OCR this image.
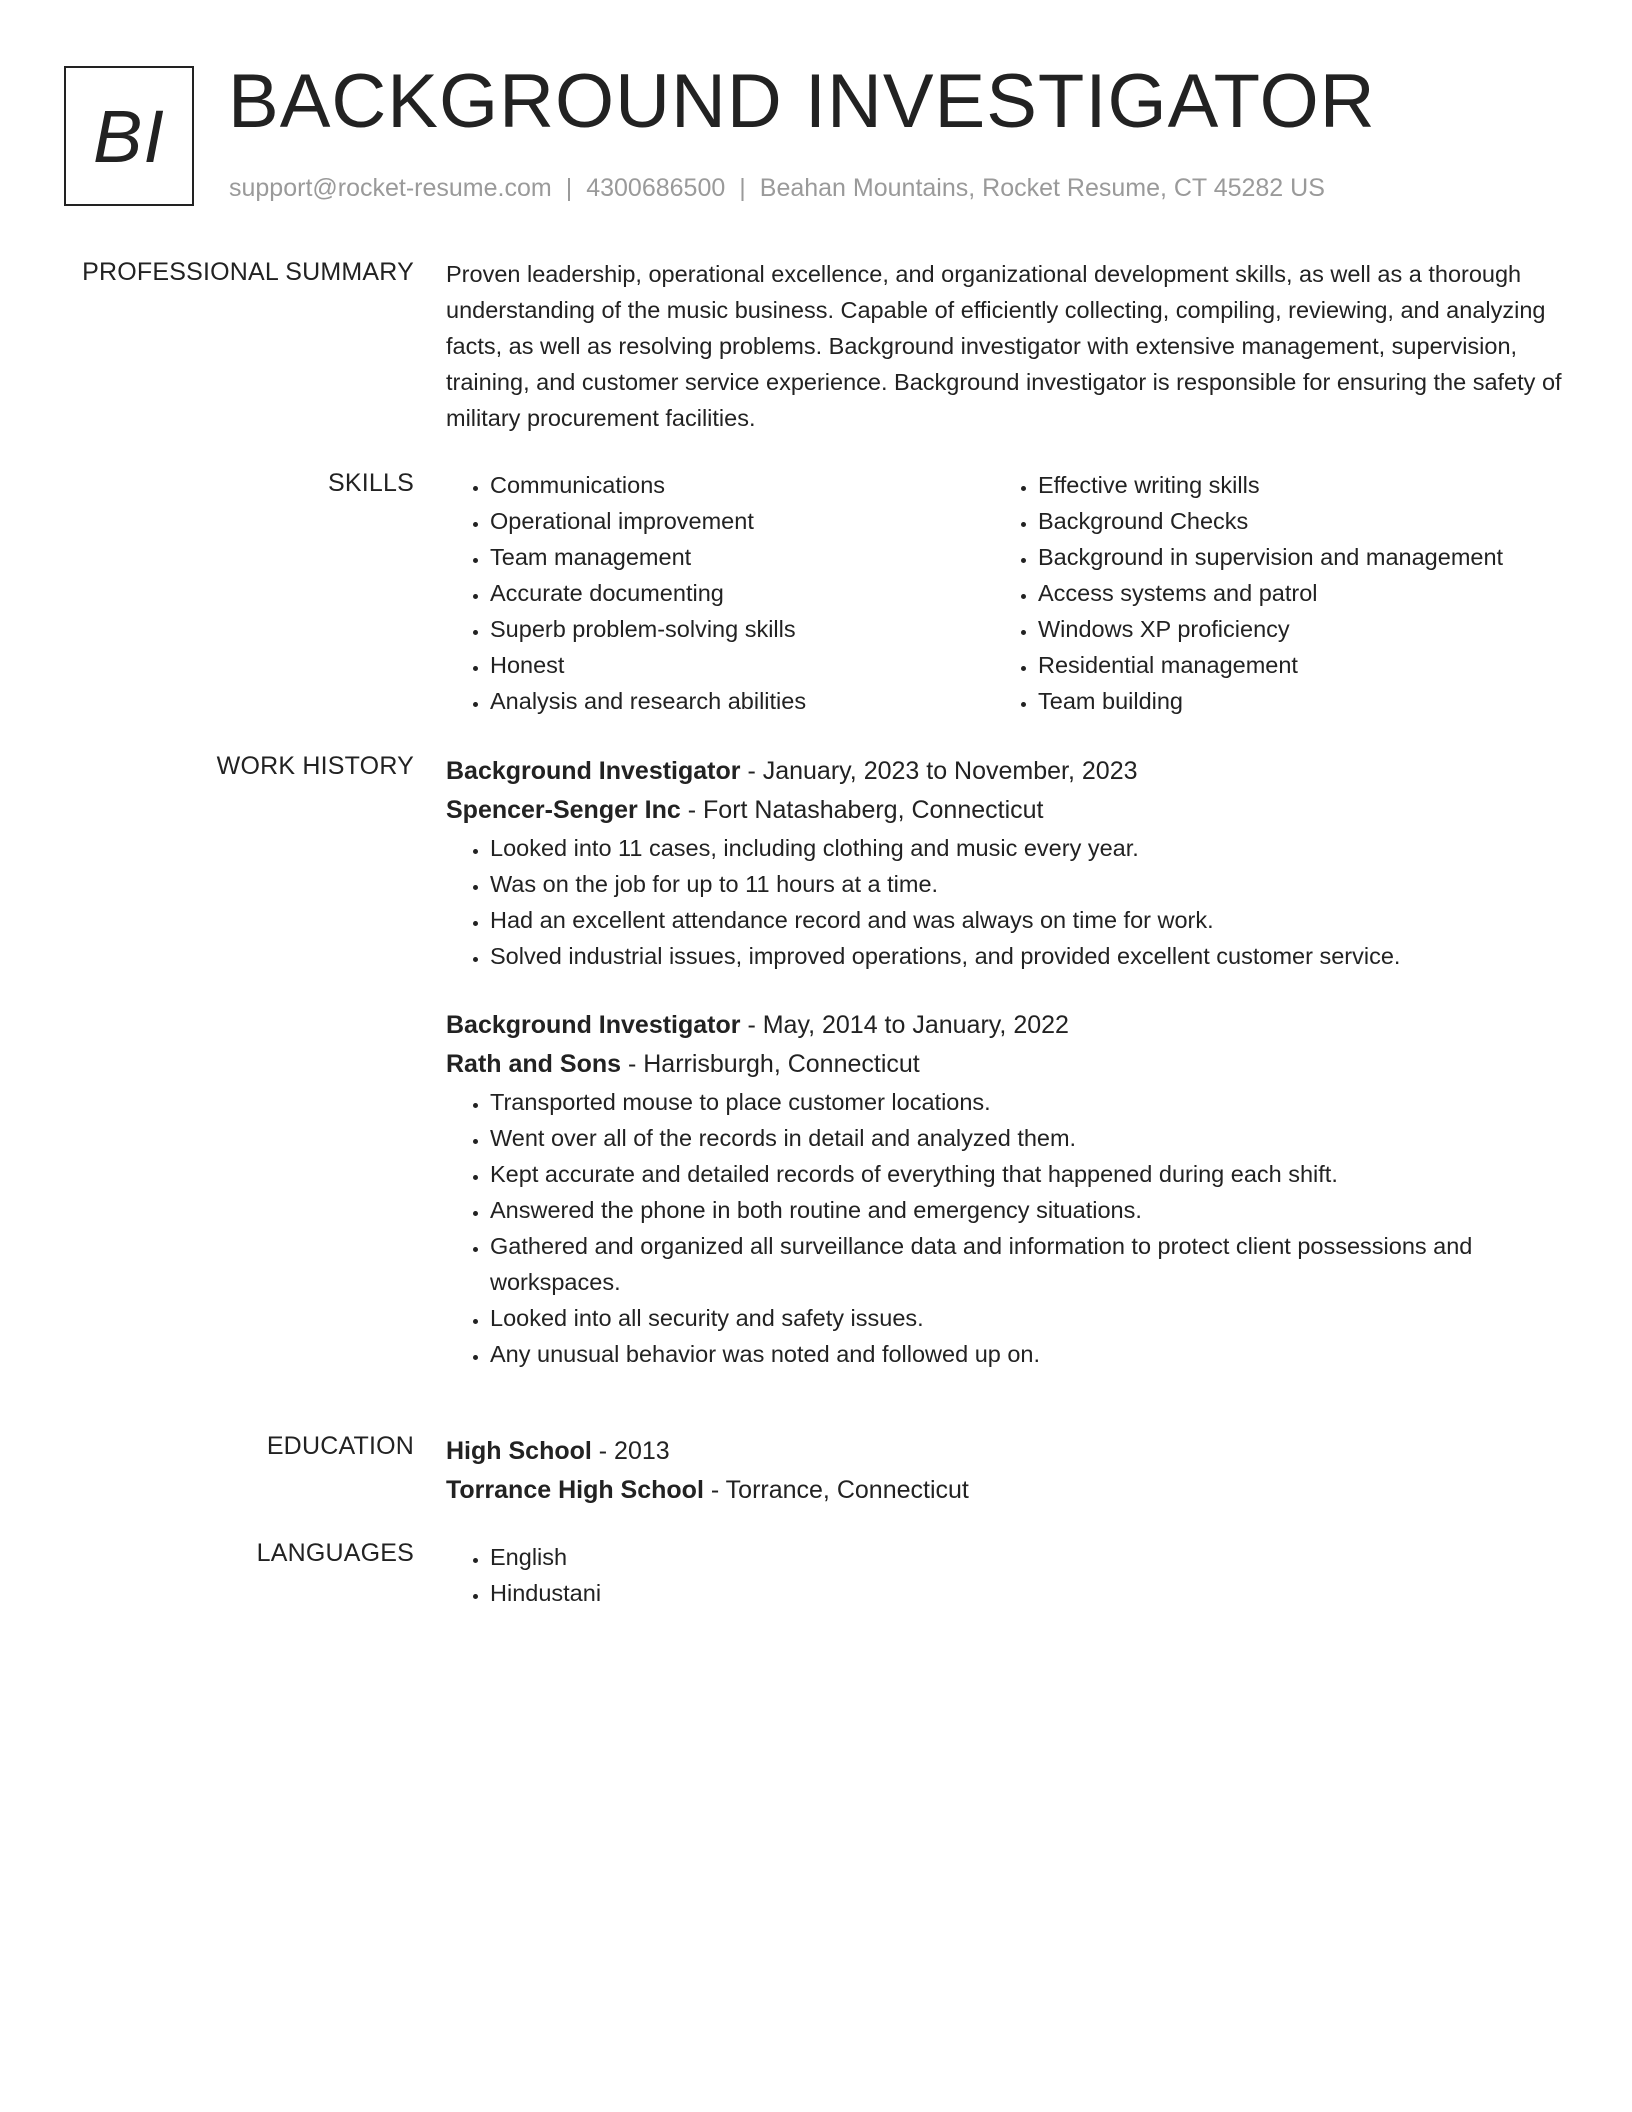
BI BACKGROUND INVESTIGATOR
support@rocket-resume.com | 4300686500 | Beahan Mountains, Rocket Resume, CT 45282 US
PROFESSIONAL SUMMARY Proven leadership, operational excellence, and organizational development skills, as well as a thorough understanding of the music business. Capable of efficiently collecting, compiling, reviewing, and analyzing facts, as well as resolving problems. Background investigator with extensive management, supervision, training, and customer service experience. Background investigator is responsible for ensuring the safety of military procurement facilities.
SKILLS	• Communications
• Operational improvement
• Team management
• Accurate documenting
• Superb problem-solving skills
• Honest
• Analysis and research abilities
• Effective writing skills
• Background Checks
• Background in supervision and management
• Access systems and patrol
• Windows XP proficiency
• Residential management
• Team building
WORK HISTORY Background Investigator - January, 2023 to November, 2023
Spencer-Senger Inc - Fort Natashaberg, Connecticut
• Looked into 11 cases, including clothing and music every year.
• Was on the job for up to 11 hours at a time.
• Had an excellent attendance record and was always on time for work.
• Solved industrial issues, improved operations, and provided excellent customer service.
Background Investigator - May, 2014 to January, 2022
Rath and Sons - Harrisburgh, Connecticut
• Transported mouse to place customer locations.
• Went over all of the records in detail and analyzed them.
• Kept accurate and detailed records of everything that happened during each shift.
• Answered the phone in both routine and emergency situations.
• Gathered and organized all surveillance data and information to protect client possessions and workspaces.
• Looked into all security and safety issues.
• Any unusual behavior was noted and followed up on.
EDUCATION High School - 2013
Torrance High School - Torrance, Connecticut
LANGUAGES	• English
• Hindustani
